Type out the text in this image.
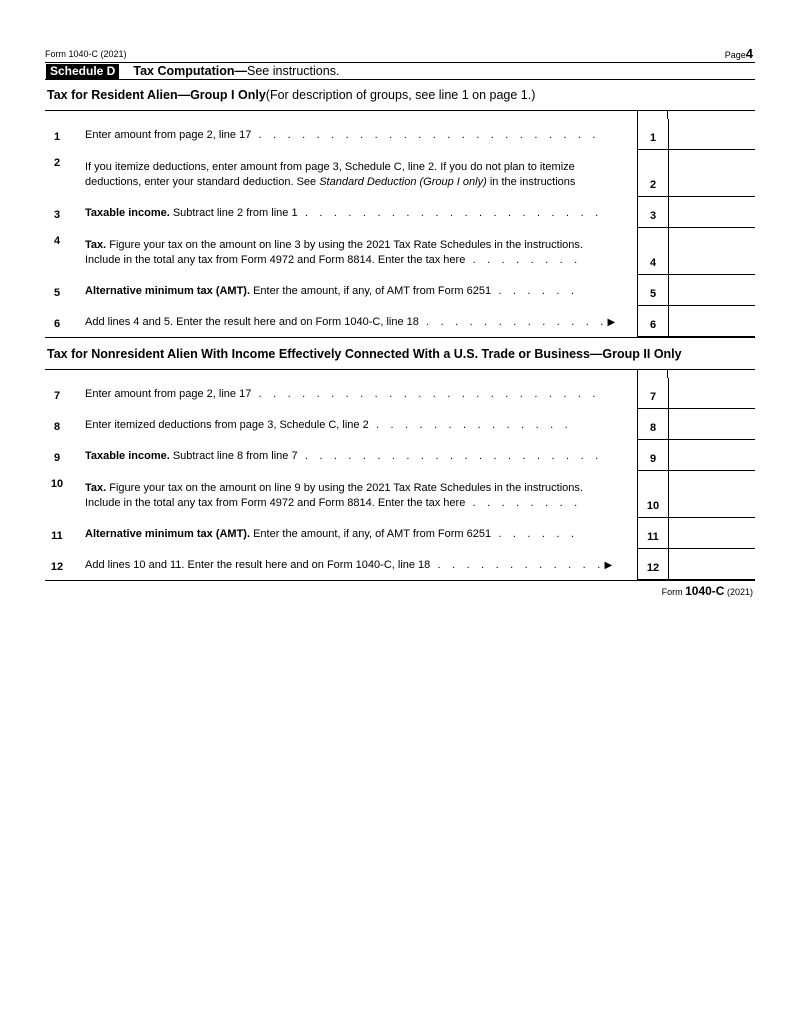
Form 1040-C (2021)	Page4
Schedule D	Tax Computation—See instructions.
Tax for Resident Alien—Group I Only (For description of groups, see line 1 on page 1.)
1	Enter amount from page 2, line 17 . . . . . . . . . . . . . . . . . . . . . . . .	1
2	If you itemize deductions, enter amount from page 3, Schedule C, line 2. If you do not plan to itemize
deductions, enter your standard deduction. See Standard Deduction (Group I only) in the instructions	2
3	Taxable income. Subtract line 2 from line 1 . . . . . . . . . . . . . . . . . . . . .	3
4	Tax. Figure your tax on the amount on line 3 by using the 2021 Tax Rate Schedules in the instructions.
Include in the total any tax from Form 4972 and Form 8814. Enter the tax here . . . . . . . .	4
5	Alternative minimum tax (AMT). Enter the amount, if any, of AMT from Form 6251 . . . . . .	5
6	Add lines 4 and 5. Enter the result here and on Form 1040-C, line 18 . . . . . . . . . . . . .▶	6
Tax for Nonresident Alien With Income Effectively Connected With a U.S. Trade or Business—Group II Only
7	Enter amount from page 2, line 17 . . . . . . . . . . . . . . . . . . . . . . . .	7
8	Enter itemized deductions from page 3, Schedule C, line 2 . . . . . . . . . . . . . .	8
9	Taxable income. Subtract line 8 from line 7 . . . . . . . . . . . . . . . . . . . . .	9
10	Tax. Figure your tax on the amount on line 9 by using the 2021 Tax Rate Schedules in the instructions.
Include in the total any tax from Form 4972 and Form 8814. Enter the tax here . . . . . . . .	10
11	Alternative minimum tax (AMT). Enter the amount, if any, of AMT from Form 6251 . . . . . .	11
12	Add lines 10 and 11. Enter the result here and on Form 1040-C, line 18 . . . . . . . . . . . .▶	12
Form 1040-C (2021)
